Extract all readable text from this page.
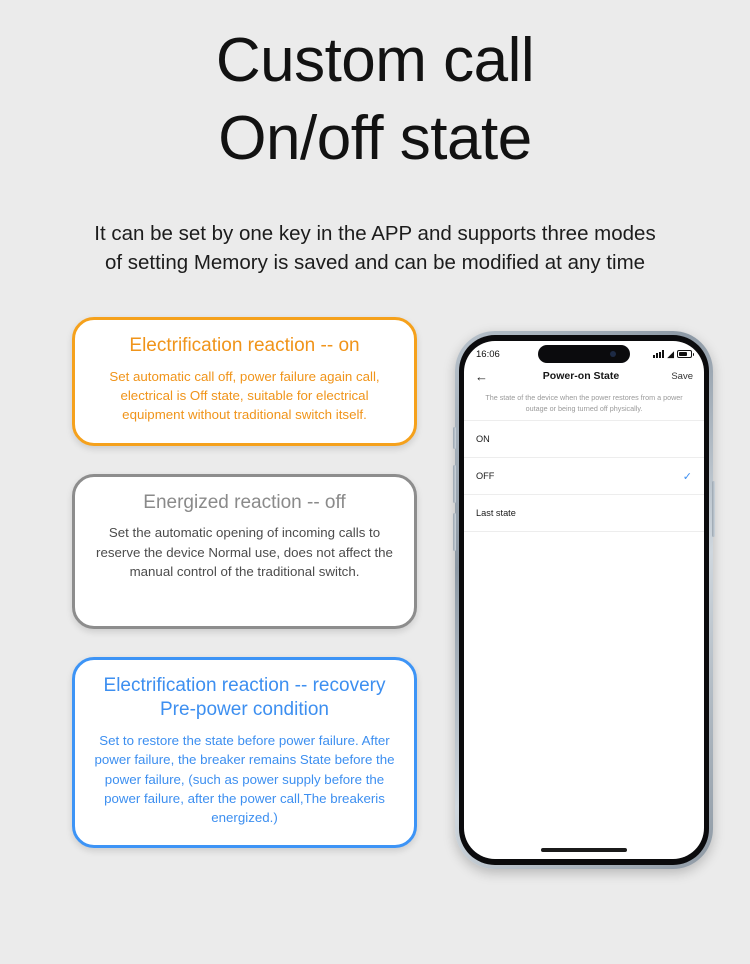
Custom call
On/off state
It can be set by one key in the APP and supports three modes
of setting Memory is saved and can be modified at any time
Electrification reaction -- on
Set automatic call off, power failure again call, electrical is Off state, suitable for electrical equipment without traditional switch itself.
Energized reaction -- off
Set the automatic opening of incoming calls to reserve the device Normal use, does not affect the manual control of the traditional switch.
Electrification reaction -- recovery
Pre-power condition
Set to restore the state before power failure. After power failure, the breaker remains State before the power failure, (such as power supply before the power failure, after the power call,The breakeris energized.)
16:06	◢
←	Power-on State	Save
The state of the device when the power restores from a power outage or being turned off physically.
ON
OFF	✓
Last state
